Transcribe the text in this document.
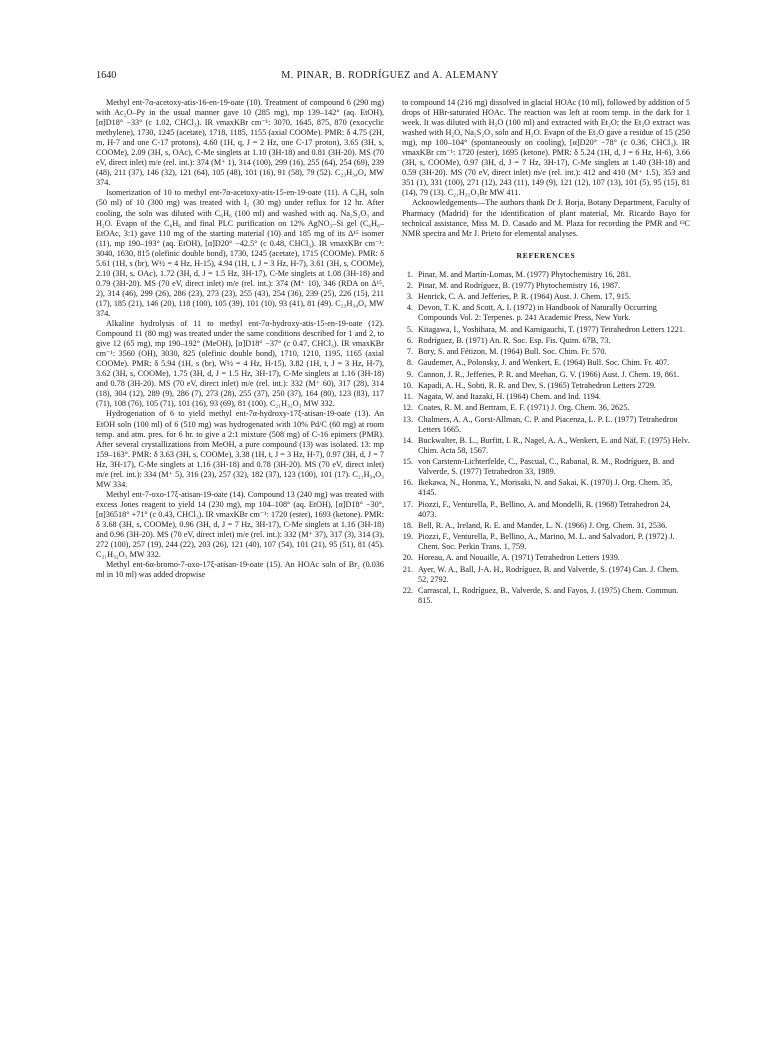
1640	M. PINAR, B. RODRÍGUEZ and A. ALEMANY

Methyl ent-7α-acetoxy-atis-16-en-19-oate (10). Treatment of compound 6 (290 mg) with Ac₂O–Py in the usual manner gave 10 (285 mg), mp 139–142° (aq. EtOH), [α]D18° −33° (c 1.02, CHCl₃). IR νmaxKBr cm⁻¹: 3070, 1645, 875, 870 (exocyclic methylene), 1730, 1245 (acetate), 1718, 1185, 1155 (axial COOMe). PMR: δ 4.75 (2H, m, H-7 and one C-17 protons), 4.60 (1H, q, J = 2 Hz, one C-17 proton), 3.65 (3H, s, COOMe), 2.09 (3H, s, OAc), C-Me singlets at 1.10 (3H-18) and 0.81 (3H-20). MS (70 eV, direct inlet) m/e (rel. int.): 374 (M⁺ 1), 314 (100), 299 (16), 255 (64), 254 (69), 239 (48), 211 (37), 146 (32), 121 (64), 105 (48), 101 (16), 91 (58), 79 (52). C₂₃H₃₄O₄ MW 374.

Isomerization of 10 to methyl ent-7α-acetoxy-atis-15-en-19-oate (11). A C₆H₆ soln (50 ml) of 10 (300 mg) was treated with I₂ (30 mg) under reflux for 12 hr. After cooling, the soln was diluted with C₆H₆ (100 ml) and washed with aq. Na₂S₂O₃ and H₂O. Evapn of the C₆H₆ and final PLC purification on 12% AgNO₃–Si gel (C₆H₆–EtOAc, 3:1) gave 110 mg of the starting material (10) and 185 mg of its Δ¹⁵ isomer (11), mp 190–193° (aq. EtOH), [α]D20° −42.5° (c 0.48, CHCl₃). IR νmaxKBr cm⁻¹: 3040, 1630, 815 (olefinic double bond), 1730, 1245 (acetate), 1715 (COOMe). PMR: δ 5.61 (1H, s (br), W½ = 4 Hz, H-15), 4.94 (1H, t, J = 3 Hz, H-7), 3.61 (3H, s, COOMe), 2.10 (3H, s, OAc), 1.72 (3H, d, J = 1.5 Hz, 3H-17), C-Me singlets at 1.08 (3H-18) and 0.79 (3H-20). MS (70 eV, direct inlet) m/e (rel. int.): 374 (M⁺ 10), 346 (RDA on Δ¹⁵, 2), 314 (46), 299 (26), 286 (23), 273 (23), 255 (43), 254 (36), 239 (25), 226 (15), 211 (17), 185 (21), 146 (20), 118 (100), 105 (39), 101 (10), 93 (41), 81 (49). C₂₃H₃₄O₄ MW 374.

Alkaline hydrolysis of 11 to methyl ent-7α-hydroxy-atis-15-en-19-oate (12). Compound 11 (80 mg) was treated under the same conditions described for 1 and 2, to give 12 (65 mg), mp 190–192° (MeOH), [α]D18° −37° (c 0.47, CHCl₃). IR νmaxKBr cm⁻¹: 3560 (OH), 3030, 825 (olefinic double bond), 1710, 1210, 1195, 1165 (axial COOMe). PMR: δ 5.94 (1H, s (br), W½ = 4 Hz, H-15), 3.82 (1H, t, J = 3 Hz, H-7), 3.62 (3H, s, COOMe), 1.75 (3H, d, J = 1.5 Hz, 3H-17), C-Me singlets at 1.16 (3H-18) and 0.78 (3H-20). MS (70 eV, direct inlet) m/e (rel. int.): 332 (M⁺ 60), 317 (28), 314 (18), 304 (12), 289 (9), 286 (7), 273 (28), 255 (37), 250 (37), 164 (80), 123 (83), 117 (71), 108 (76), 105 (71), 101 (16), 93 (69), 81 (100). C₂₁H₃₂O₃ MW 332.

Hydrogenation of 6 to yield methyl ent-7α-hydroxy-17ξ-atisan-19-oate (13). An EtOH soln (100 ml) of 6 (510 mg) was hydrogenated with 10% Pd/C (60 mg) at room temp. and atm. pres. for 6 hr. to give a 2:1 mixture (508 mg) of C-16 epimers (PMR). After several crystallizations from MeOH, a pure compound (13) was isolated. 13: mp 159–163°. PMR: δ 3.63 (3H, s, COOMe), 3.38 (1H, t, J = 3 Hz, H-7), 0.97 (3H, d, J = 7 Hz, 3H-17), C-Me singlets at 1.16 (3H-18) and 0.78 (3H-20). MS (70 eV, direct inlet) m/e (rel. int.): 334 (M⁺ 5), 316 (23), 257 (32), 182 (37), 123 (100), 101 (17). C₂₁H₃₄O₃ MW 334.

Methyl ent-7-oxo-17ξ-atisan-19-oate (14). Compound 13 (240 mg) was treated with excess Jones reagent to yield 14 (230 mg), mp 104–108° (aq. EtOH), [α]D18° −30°, [α]36518° +71° (c 0.43, CHCl₃). IR νmaxKBr cm⁻¹: 1720 (ester), 1693 (ketone). PMR: δ 3.68 (3H, s, COOMe), 0.96 (3H, d, J = 7 Hz, 3H-17), C-Me singlets at 1.16 (3H-18) and 0.96 (3H-20). MS (70 eV, direct inlet) m/e (rel. int.): 332 (M⁺ 37), 317 (3), 314 (3), 272 (100), 257 (19), 244 (22), 203 (26), 121 (40), 107 (54), 101 (21), 95 (51), 81 (45). C₂₁H₃₂O₃ MW 332.

Methyl ent-6α-bromo-7-oxo-17ξ-atisan-19-oate (15). An HOAc soln of Br₂ (0.036 ml in 10 ml) was added dropwise

to compound 14 (216 mg) dissolved in glacial HOAc (10 ml), followed by addition of 5 drops of HBr-saturated HOAc. The reaction was left at room temp. in the dark for 1 week. It was diluted with H₂O (100 ml) and extracted with Et₂O; the Et₂O extract was washed with H₂O, Na₂S₂O₃ soln and H₂O. Evapn of the Et₂O gave a residue of 15 (250 mg), mp 100–104° (spontaneously on cooling), [α]D20° −78° (c 0.36, CHCl₃). IR νmaxKBr cm⁻¹: 1720 (ester), 1695 (ketone). PMR: δ 5.24 (1H, d, J = 6 Hz, H-6), 3.66 (3H, s, COOMe), 0.97 (3H, d, J = 7 Hz, 3H-17), C-Me singlets at 1.40 (3H-18) and 0.59 (3H-20). MS (70 eV, direct inlet) m/e (rel. int.): 412 and 410 (M⁺ 1.5), 353 and 351 (1), 331 (100), 271 (12), 243 (11), 149 (9), 121 (12), 107 (13), 101 (5), 95 (15), 81 (14), 79 (13). C₂₁H₃₁O₃Br MW 411.

Acknowledgements—The authors thank Dr J. Borja, Botany Department, Faculty of Pharmacy (Madrid) for the identification of plant material, Mr. Ricardo Bayo for technical assistance, Miss M. D. Casado and M. Plaza for recording the PMR and ¹³C NMR spectra and Mr J. Prieto for elemental analyses.

REFERENCES
1. Pinar, M. and Martín-Lomas, M. (1977) Phytochemistry 16, 281.
2. Pinar, M. and Rodríguez, B. (1977) Phytochemistry 16, 1987.
3. Henrick, C. A. and Jefferies, P. R. (1964) Aust. J. Chem. 17, 915.
4. Devon, T. K. and Scott, A. I. (1972) in Handbook of Naturally Occurring Compounds Vol. 2: Terpenes. p. 241 Academic Press, New York.
5. Kitagawa, I., Yoshihara, M. and Kamigauchi, T. (1977) Tetrahedron Letters 1221.
6. Rodríguez, B. (1971) An. R. Soc. Esp. Fis. Quim. 67B, 73.
7. Bory, S. and Fétizon, M. (1964) Bull. Soc. Chim. Fr. 570.
8. Gaudemer, A., Polonsky, J. and Wenkert, E. (1964) Bull. Soc. Chim. Fr. 407.
9. Cannon, J. R., Jefferies, P. R. and Meehan, G. V. (1966) Aust. J. Chem. 19, 861.
10. Kapadi, A. H., Sobti, R. R. and Dev, S. (1965) Tetrahedron Letters 2729.
11. Nagata, W. and Itazaki, H. (1964) Chem. and Ind. 1194.
12. Coates, R. M. and Bertram, E. F. (1971) J. Org. Chem. 36, 2625.
13. Chalmers, A. A., Gorst-Allman, C. P. and Piacenza, L. P. L. (1977) Tetrahedron Letters 1665.
14. Buckwalter, B. L., Burfitt, I. R., Nagel, A. A., Wenkert, E. and Näf, F. (1975) Helv. Chim. Acta 58, 1567.
15. von Carstenn-Lichterfelde, C., Pascual, C., Rabanal, R. M., Rodríguez, B. and Valverde, S. (1977) Tetrahedron 33, 1989.
16. Ikekawa, N., Honma, Y., Morisaki, N. and Sakai, K. (1970) J. Org. Chem. 35, 4145.
17. Piozzi, F., Venturella, P., Bellino, A. and Mondelli, R. (1968) Tetrahedron 24, 4073.
18. Bell, R. A., Ireland, R. E. and Mander, L. N. (1966) J. Org. Chem. 31, 2536.
19. Piozzi, F., Venturella, P., Bellino, A., Marino, M. L. and Salvadori, P. (1972) J. Chem. Soc. Perkin Trans. 1, 759.
20. Horeau, A. and Nouaille, A. (1971) Tetrahedron Letters 1939.
21. Ayer, W. A., Ball, J-A. H., Rodríguez, B. and Valverde, S. (1974) Can. J. Chem. 52, 2792.
22. Carrascal, I., Rodríguez, B., Valverde, S. and Fayos, J. (1975) Chem. Commun. 815.
